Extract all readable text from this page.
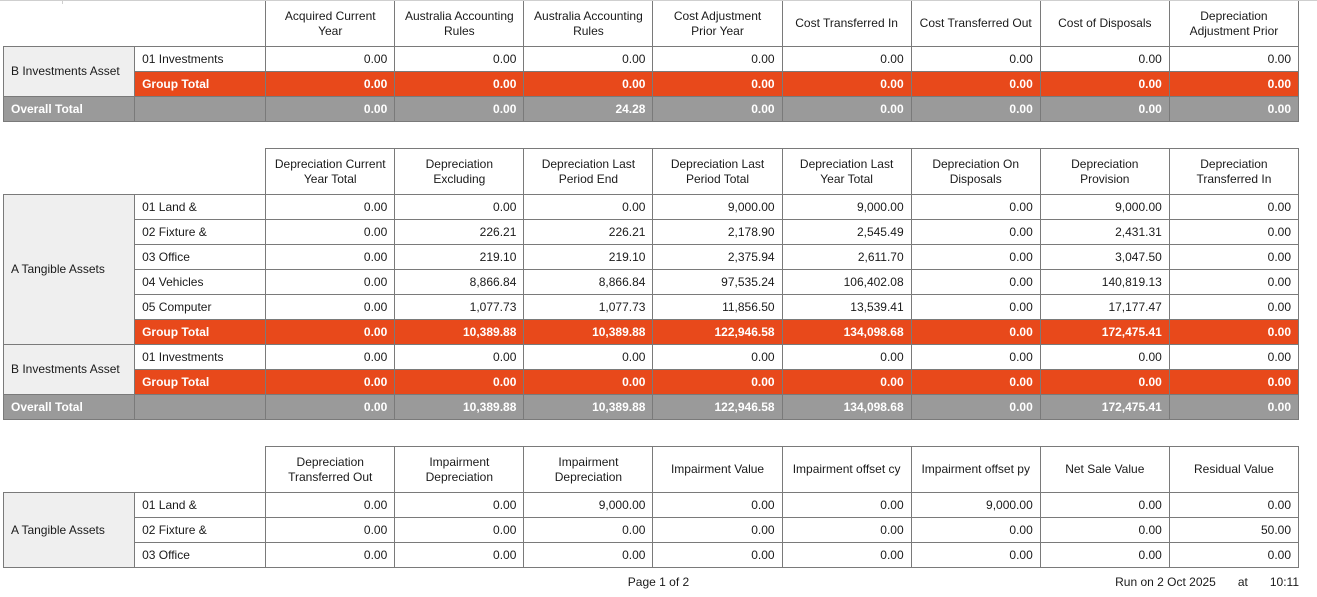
		Acquired Current Year	Australia Accounting Rules	Australia Accounting Rules	Cost Adjustment Prior Year	Cost Transferred In	Cost Transferred Out	Cost of Disposals	Depreciation Adjustment Prior
B Investments Asset	01 Investments	0.00	0.00	0.00	0.00	0.00	0.00	0.00	0.00
	Group Total	0.00	0.00	0.00	0.00	0.00	0.00	0.00	0.00
Overall Total		0.00	0.00	24.28	0.00	0.00	0.00	0.00	0.00
		Depreciation Current Year Total	Depreciation Excluding	Depreciation Last Period End	Depreciation Last Period Total	Depreciation Last Year Total	Depreciation On Disposals	Depreciation Provision	Depreciation Transferred In
A Tangible Assets	01 Land &	0.00	0.00	0.00	9,000.00	9,000.00	0.00	9,000.00	0.00
	02 Fixture &	0.00	226.21	226.21	2,178.90	2,545.49	0.00	2,431.31	0.00
	03 Office	0.00	219.10	219.10	2,375.94	2,611.70	0.00	3,047.50	0.00
	04 Vehicles	0.00	8,866.84	8,866.84	97,535.24	106,402.08	0.00	140,819.13	0.00
	05 Computer	0.00	1,077.73	1,077.73	11,856.50	13,539.41	0.00	17,177.47	0.00
	Group Total	0.00	10,389.88	10,389.88	122,946.58	134,098.68	0.00	172,475.41	0.00
B Investments Asset	01 Investments	0.00	0.00	0.00	0.00	0.00	0.00	0.00	0.00
	Group Total	0.00	0.00	0.00	0.00	0.00	0.00	0.00	0.00
Overall Total		0.00	10,389.88	10,389.88	122,946.58	134,098.68	0.00	172,475.41	0.00
		Depreciation Transferred Out	Impairment Depreciation	Impairment Depreciation	Impairment Value	Impairment offset cy	Impairment offset py	Net Sale Value	Residual Value
A Tangible Assets	01 Land &	0.00	0.00	9,000.00	0.00	0.00	9,000.00	0.00	0.00
	02 Fixture &	0.00	0.00	0.00	0.00	0.00	0.00	0.00	50.00
	03 Office	0.00	0.00	0.00	0.00	0.00	0.00	0.00	0.00
Page 1 of 2	Run on 2 Oct 2025 at 10:11
